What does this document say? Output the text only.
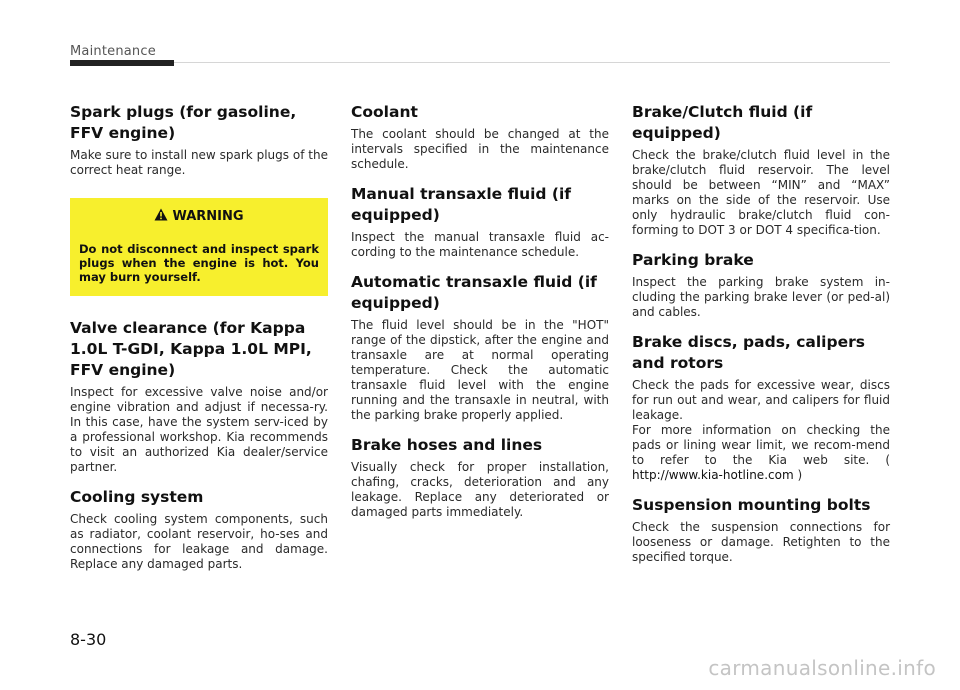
Maintenance
Spark plugs (for gasoline, FFV engine)

Make sure to install new spark plugs of the correct heat range.

WARNING
Do not disconnect and inspect spark plugs when the engine is hot. You may burn yourself.
Valve clearance (for Kappa 1.0L T-GDI, Kappa 1.0L MPI, FFV engine)

Inspect for excessive valve noise and/or engine vibration and adjust if necessa-ry. In this case, have the system serv-iced by a professional workshop. Kia recommends to visit an authorized Kia dealer/service partner.

Cooling system

Check cooling system components, such as radiator, coolant reservoir, ho-ses and connections for leakage and damage. Replace any damaged parts.

Coolant

The coolant should be changed at the intervals specified in the maintenance schedule.

Manual transaxle fluid (if equipped)

Inspect the manual transaxle fluid ac-cording to the maintenance schedule.

Automatic transaxle fluid (if equipped)

The fluid level should be in the "HOT" range of the dipstick, after the engine and transaxle are at normal operating temperature. Check the automatic transaxle fluid level with the engine running and the transaxle in neutral, with the parking brake properly applied.

Brake hoses and lines

Visually check for proper installation, chafing, cracks, deterioration and any leakage. Replace any deteriorated or damaged parts immediately.

Brake/Clutch fluid (if equipped)

Check the brake/clutch fluid level in the brake/clutch fluid reservoir. The level should be between “MIN” and “MAX” marks on the side of the reservoir. Use only hydraulic brake/clutch fluid con-forming to DOT 3 or DOT 4 specifica-tion.

Parking brake

Inspect the parking brake system in-cluding the parking brake lever (or ped-al) and cables.

Brake discs, pads, calipers and rotors

Check the pads for excessive wear, discs for run out and wear, and calipers for fluid leakage.

For more information on checking the pads or lining wear limit, we recom-mend to refer to the Kia web site. ( http://www.kia-hotline.com )

Suspension mounting bolts

Check the suspension connections for looseness or damage. Retighten to the specified torque.

8-30
carmanualsonline.info
